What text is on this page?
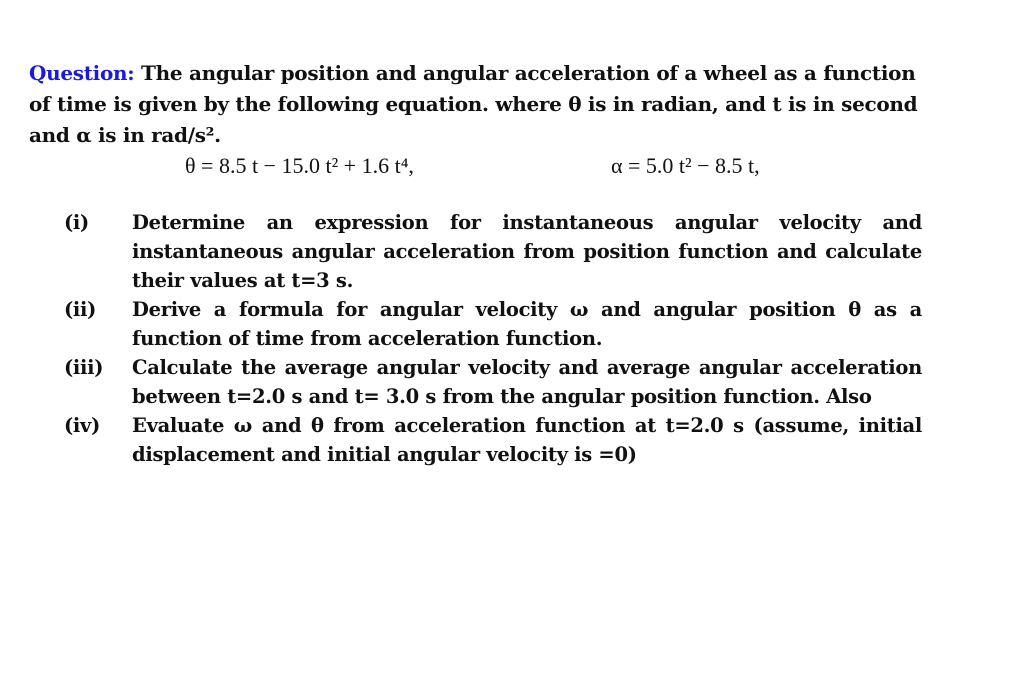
Question: The angular position and angular acceleration of a wheel as a function of time is given by the following equation. where θ is in radian, and t is in second and α is in rad/s².
θ = 8.5 t − 15.0 t² + 1.6 t⁴,	α = 5.0 t² − 8.5 t,
(i)	Determine an expression for instantaneous angular velocity and instantaneous angular acceleration from position function and calculate their values at t=3 s.
(ii)	Derive a formula for angular velocity ω and angular position θ as a function of time from acceleration function.
(iii)	Calculate the average angular velocity and average angular acceleration between t=2.0 s and t= 3.0 s from the angular position function. Also
(iv)	Evaluate ω and θ from acceleration function at t=2.0 s (assume, initial displacement and initial angular velocity is =0)
